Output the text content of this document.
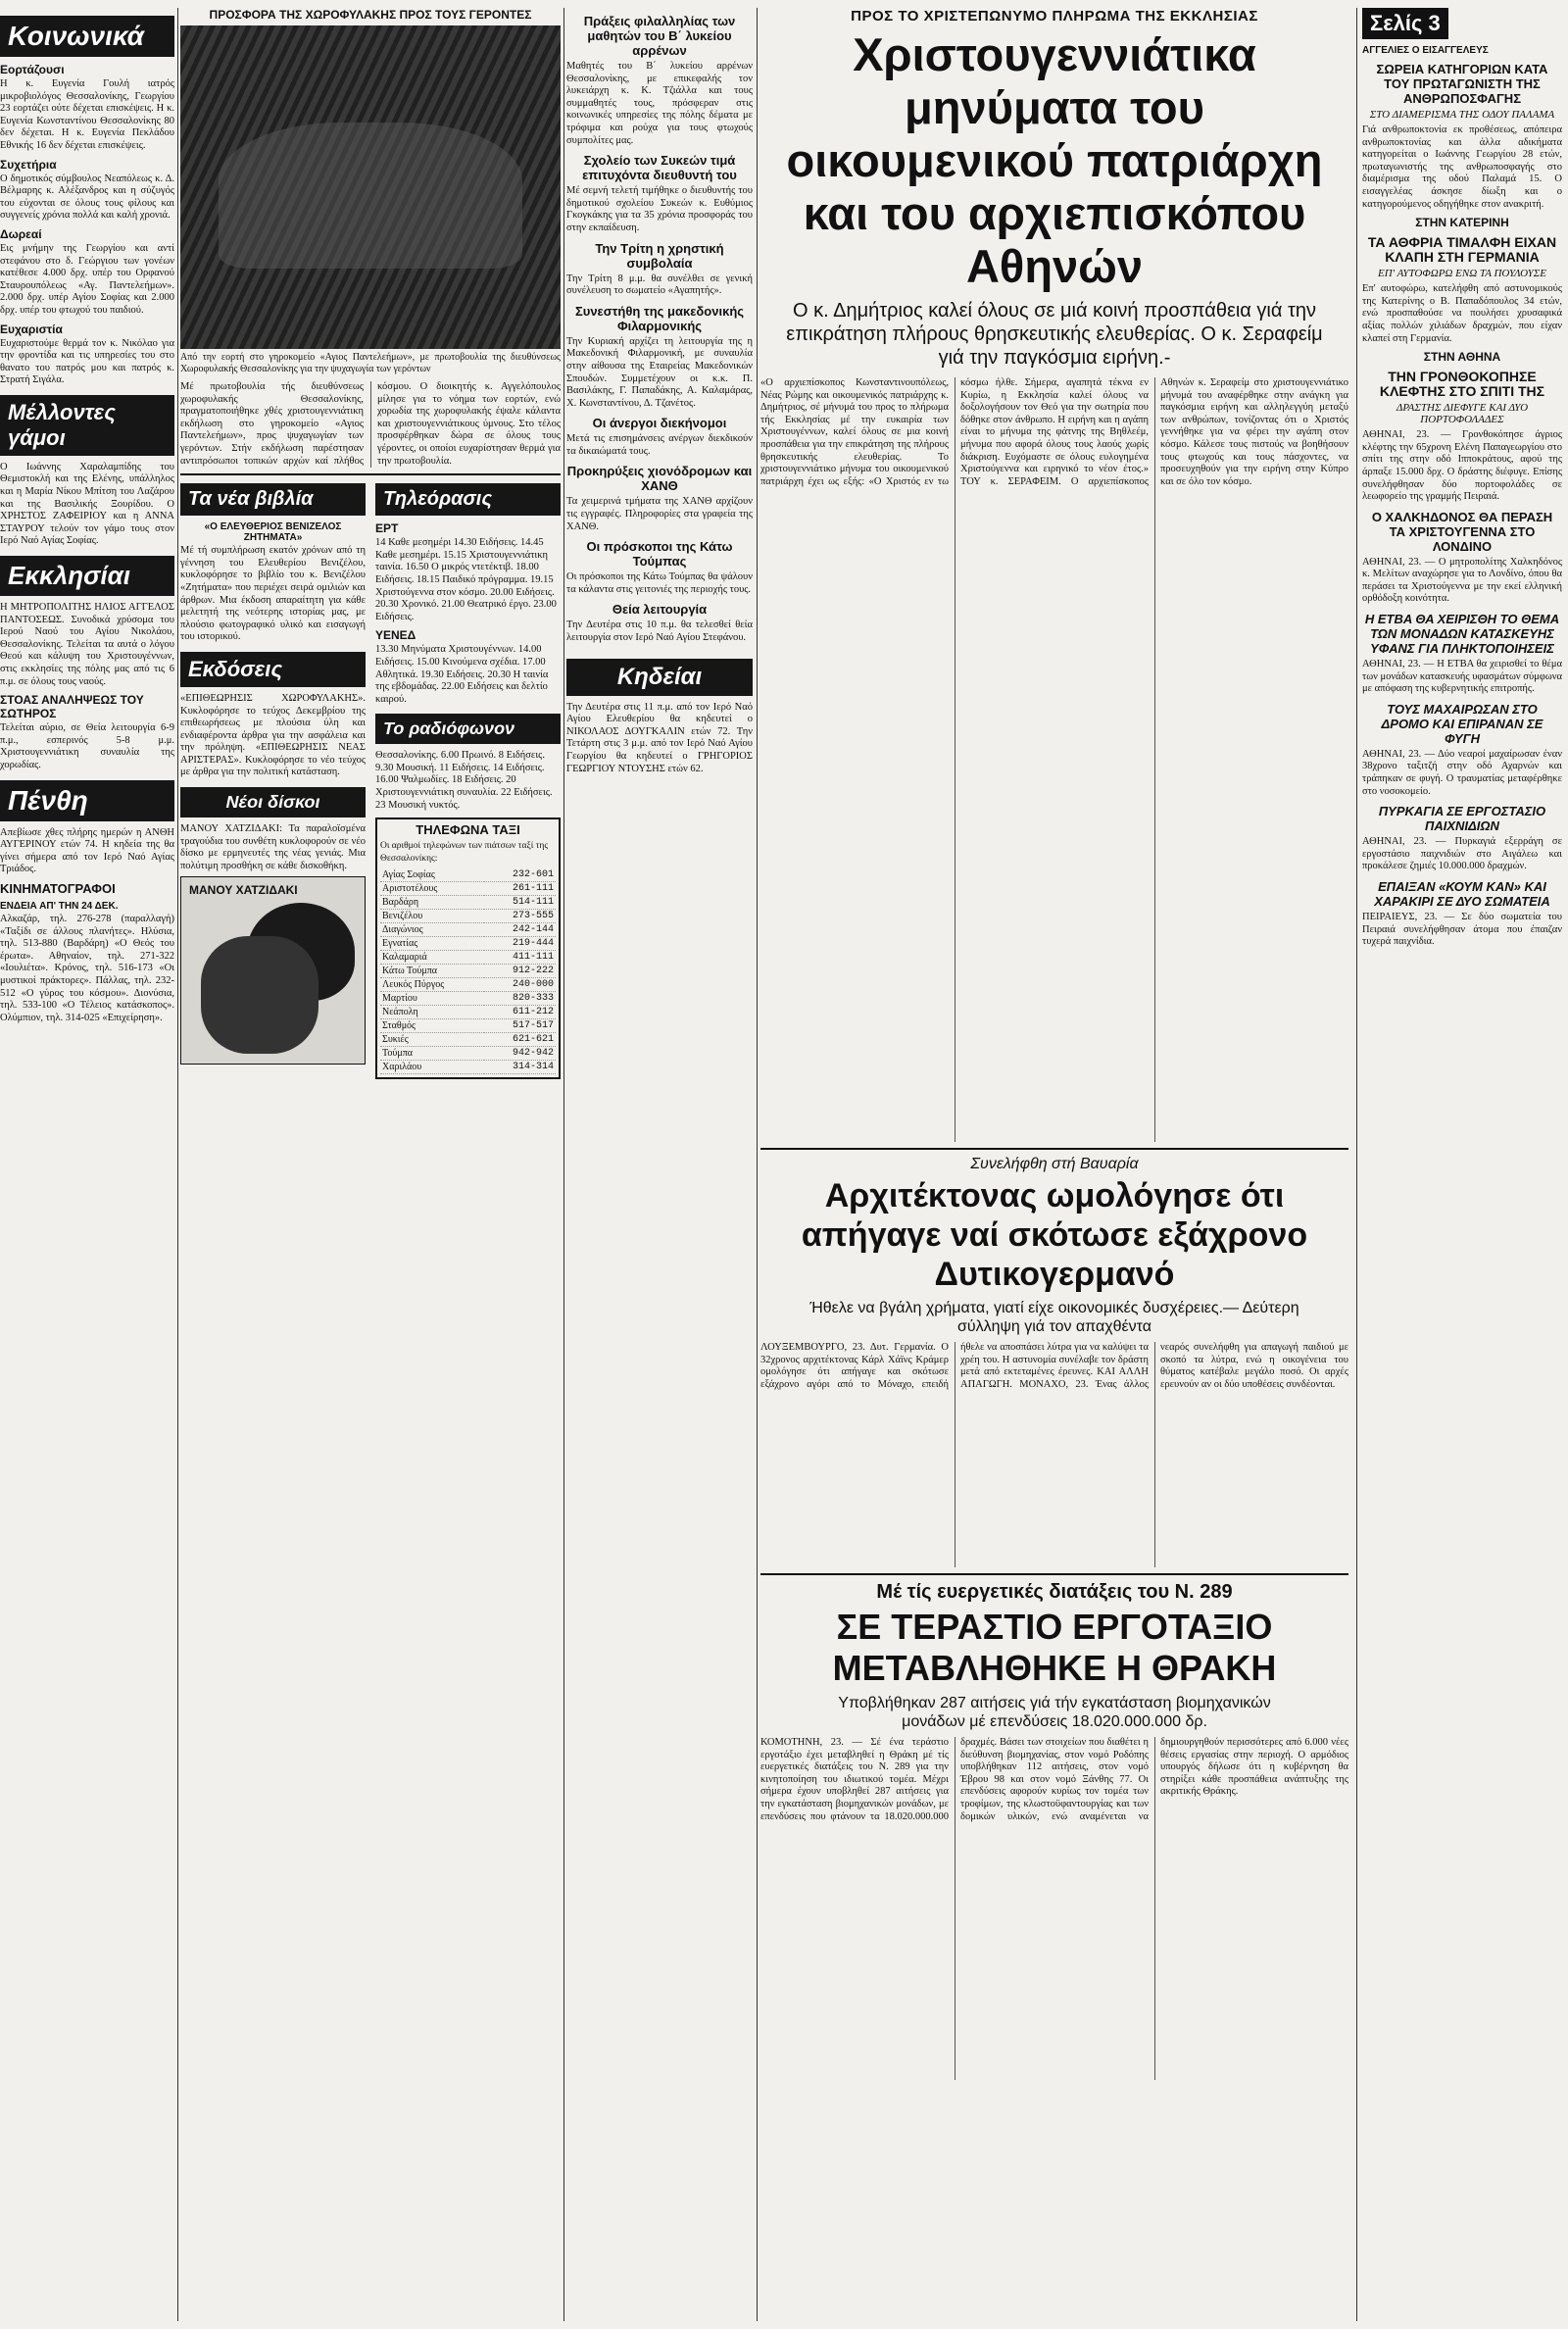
Κοινωνικά
Εορτάζουσι

Η κ. Ευγενία Γουλή ιατρός μικροβιολόγος Θεσσαλονίκης, Γεωργίου 23 εορτάζει ούτε δέχεται επισκέψεις. Η κ. Ευγενία Κωνσταντίνου Θεσσαλονίκης 80 δεν δέχεται. Η κ. Ευγενία Πεκλάδου Εθνικής 16 δεν δέχεται επισκέψεις.

Συχετήρια

Ο δημοτικός σύμβουλος Νεαπόλεως κ. Δ. Βέλμαρης κ. Αλέξανδρος και η σύζυγός του εύχονται σε όλους τους φίλους και συγγενείς χρόνια πολλά και καλή χρονιά.

Δωρεαί

Εις μνήμην της Γεωργίου και αντί στεφάνου στο δ. Γεώργιου των γονέων κατέθεσε 4.000 δρχ. υπέρ του Ορφανού Σταυρουπόλεως «Αγ. Παντελεήμων». 2.000 δρχ. υπέρ Αγίου Σοφίας και 2.000 δρχ. υπέρ του φτωχού του παιδιού.

Ευχαριστία

Ευχαριστούμε θερμά τον κ. Νικόλαο για την φροντίδα και τις υπηρεσίες του στο θανατο του πατρός μου και πατρός κ. Στρατή Σιγάλα.

Μέλλοντες γάμοι

Ο Ιωάννης Χαραλαμπίδης του Θεμιστοκλή και της Ελένης, υπάλληλος και η Μαρία Νίκου Μπίτση του Λαζάρου και της Βασιλικής Ξουρίδου. Ο ΧΡΗΣΤΟΣ ΖΑΦΕΙΡΙΟΥ και η ΑΝΝΑ ΣΤΑΥΡΟΥ τελούν τον γάμο τους στον Ιερό Ναό Αγίας Σοφίας.

Εκκλησίαι

Η ΜΗΤΡΟΠΟΛΙΤΗΣ ΗΛΙΟΣ ΑΓΓΕΛΟΣ ΠΑΝΤΟΣΕΩΣ. Συνοδικά χρύσομα του Ιερού Ναού του Αγίου Νικολάου, Θεσσαλονίκης. Τελείται τα αυτά ο λόγου Θεού και κάλυψη του Χριστουγέννων, στις εκκλησίες της πόλης μας από τις 6 π.μ. σε όλους τους ναούς.

ΣΤΟΑΣ ΑΝΑΛΗΨΕΩΣ ΤΟΥ ΣΩΤΗΡΟΣ

Τελείται αύριο, σε Θεία λειτουργία 6-9 π.μ., εσπερινός 5-8 μ.μ. Χριστουγεννιάτικη συναυλία της χορωδίας.

Πένθη

Απεβίωσε χθες πλήρης ημερών η ΑΝΘΗ ΑΥΓΕΡΙΝΟΥ ετών 74. Η κηδεία της θα γίνει σήμερα από τον Ιερό Ναό Αγίας Τριάδος.

ΚΙΝΗΜΑΤΟΓΡΑΦΟΙ
ΕΝΔΕΙΑ ΑΠ' ΤΗΝ 24 ΔΕΚ.

Αλκαζάρ, τηλ. 276-278 (παραλλαγή) «Ταξίδι σε άλλους πλανήτες». Ηλύσια, τηλ. 513-880 (Βαρδάρη) «Ο Θεός του έρωτα». Αθηναίον, τηλ. 271-322 «Ιουλιέτα». Κρόνος, τηλ. 516-173 «Οι μυστικοί πράκτορες». Πάλλας, τηλ. 232-512 «Ο γύρος του κόσμου». Διονύσια, τηλ. 533-100 «Ο Τέλειος κατάσκοπος». Ολύμπιον, τηλ. 314-025 «Επιχείρηση».

ΠΡΟΣΦΟΡΑ ΤΗΣ ΧΩΡΟΦΥΛΑΚΗΣ ΠΡΟΣ ΤΟΥΣ ΓΕΡΟΝΤΕΣ
Από την εορτή στο γηροκομείο «Αγιος Παντελεήμων», με πρωτοβουλία της διευθύνσεως Χωροφυλακής Θεσσαλονίκης για την ψυχαγωγία των γερόντων

Μέ πρωτοβουλία τής διευθύνσεως χωροφυλακής Θεσσαλονίκης, πραγματοποιήθηκε χθές χριστουγεννιάτικη εκδήλωση στο γηροκομείο «Αγιος Παντελεήμων», προς ψυχαγωγίαν των γερόντων. Στήν εκδήλωση παρέστησαν αντιπρόσωποι τοπικών αρχών καί πλήθος κόσμου. Ο διοικητής κ. Αγγελόπουλος μίλησε για το νόημα των εορτών, ενώ χορωδία της χωροφυλακής έψαλε κάλαντα και χριστουγεννιάτικους ύμνους. Στο τέλος προσφέρθηκαν δώρα σε όλους τους γέροντες, οι οποίοι ευχαρίστησαν θερμά για την πρωτοβουλία.

Τα νέα βιβλία
«Ο ΕΛΕΥΘΕΡΙΟΣ ΒΕΝΙΖΕΛΟΣ ΖΗΤΗΜΑΤΑ»

Μέ τή συμπλήρωση εκατόν χρόνων από τη γέννηση του Ελευθερίου Βενιζέλου, κυκλοφόρησε το βιβλίο του κ. Βενιζέλου «Ζητήματα» που περιέχει σειρά ομιλιών και άρθρων. Μια έκδοση απαραίτητη για κάθε μελετητή της νεότερης ιστορίας μας, με πλούσιο φωτογραφικό υλικό και εισαγωγή του ιστορικού.

Εκδόσεις

«ΕΠΙΘΕΩΡΗΣΙΣ ΧΩΡΟΦΥΛΑΚΗΣ». Κυκλοφόρησε το τεύχος Δεκεμβρίου της επιθεωρήσεως με πλούσια ύλη και ενδιαφέροντα άρθρα για την ασφάλεια και την πρόληψη. «ΕΠΙΘΕΩΡΗΣΙΣ ΝΕΑΣ ΑΡΙΣΤΕΡΑΣ». Κυκλοφόρησε το νέο τεύχος με άρθρα για την πολιτική κατάσταση.

Νέοι δίσκοι

ΜΑΝΟΥ ΧΑΤΖΙΔΑΚΙ: Τα παραλοϊσμένα τραγούδια του συνθέτη κυκλοφορούν σε νέο δίσκο με ερμηνευτές της νέας γενιάς. Μια πολύτιμη προσθήκη σε κάθε δισκοθήκη.

ΜΑΝΟΥ ΧΑΤΖΙΔΑΚΙ
Τηλεόρασις
ΕΡΤ

14 Καθε μεσημέρι 14.30 Ειδήσεις. 14.45 Καθε μεσημέρι. 15.15 Χριστουγεννιάτικη ταινία. 16.50 Ο μικρός ντετέκτιβ. 18.00 Ειδήσεις. 18.15 Παιδικό πρόγραμμα. 19.15 Χριστούγεννα στον κόσμο. 20.00 Ειδήσεις. 20.30 Χρονικό. 21.00 Θεατρικό έργο. 23.00 Ειδήσεις.

ΥΕΝΕΔ

13.30 Μηνύματα Χριστουγέννων. 14.00 Ειδήσεις. 15.00 Κινούμενα σχέδια. 17.00 Αθλητικά. 19.30 Ειδήσεις. 20.30 Η ταινία της εβδομάδας. 22.00 Ειδήσεις και δελτίο καιρού.

Το ραδιόφωνον

Θεσσαλονίκης. 6.00 Πρωινό. 8 Ειδήσεις. 9.30 Μουσική. 11 Ειδήσεις. 14 Ειδήσεις. 16.00 Ψαλμωδίες. 18 Ειδήσεις. 20 Χριστουγεννιάτικη συναυλία. 22 Ειδήσεις. 23 Μουσική νυκτός.

ΤΗΛΕΦΩΝΑ ΤΑΞΙ

Οι αριθμοί τηλεφώνων των πιάτσων ταξί της Θεσσαλονίκης:

Αγίας Σοφίας	232-601
Αριστοτέλους	261-111
Βαρδάρη	514-111
Βενιζέλου	273-555
Διαγώνιος	242-144
Εγνατίας	219-444
Καλαμαριά	411-111
Κάτω Τούμπα	912-222
Λευκός Πύργος	240-000
Μαρτίου	820-333
Νεάπολη	611-212
Σταθμός	517-517
Συκιές	621-621
Τούμπα	942-942
Χαριλάου	314-314
Πράξεις φιλαλληλίας των μαθητών του Β΄ λυκείου αρρένων

Μαθητές του Β΄ λυκείου αρρένων Θεσσαλονίκης, με επικεφαλής τον λυκειάρχη κ. Κ. Τζιάλλα και τους συμμαθητές τους, πρόσφεραν στις κοινωνικές υπηρεσίες της πόλης δέματα με τρόφιμα και ρούχα για τους φτωχούς συμπολίτες μας.

Σχολείο των Συκεών τιμά επιτυχόντα διευθυντή του

Μέ σεμνή τελετή τιμήθηκε ο διευθυντής του δημοτικού σχολείου Συκεών κ. Ευθύμιος Γκογκάκης για τα 35 χρόνια προσφοράς του στην εκπαίδευση.

Την Τρίτη η χρηστική συμβολαία

Την Τρίτη 8 μ.μ. θα συνέλθει σε γενική συνέλευση το σωματείο «Αγαπητής».

Συνεστήθη της μακεδονικής Φιλαρμονικής

Την Κυριακή αρχίζει τη λειτουργία της η Μακεδονική Φιλαρμονική, με συναυλία στην αίθουσα της Εταιρείας Μακεδονικών Σπουδών. Συμμετέχουν οι κ.κ. Π. Βασιλάκης, Γ. Παπαδάκης, Α. Καλαμάρας, Χ. Κωνσταντίνου, Δ. Τζανέτος.

Οι άνεργοι διεκήνομοι

Μετά τις επισημάνσεις ανέργων διεκδικούν τα δικαιώματά τους.

Προκηρύξεις χιονόδρομων και ΧΑΝΘ

Τα χειμερινά τμήματα της ΧΑΝΘ αρχίζουν τις εγγραφές. Πληροφορίες στα γραφεία της ΧΑΝΘ.

Οι πρόσκοποι της Κάτω Τούμπας

Οι πρόσκοποι της Κάτω Τούμπας θα ψάλουν τα κάλαντα στις γειτονιές της περιοχής τους.

Θεία λειτουργία

Την Δευτέρα στις 10 π.μ. θα τελεσθεί θεία λειτουργία στον Ιερό Ναό Αγίου Στεφάνου.

Κηδείαι

Την Δευτέρα στις 11 π.μ. από τον Ιερό Ναό Αγίου Ελευθερίου θα κηδευτεί ο ΝΙΚΟΛΑΟΣ ΔΟΥΓΚΑΛΙΝ ετών 72. Την Τετάρτη στις 3 μ.μ. από τον Ιερό Ναό Αγίου Γεωργίου θα κηδευτεί ο ΓΡΗΓΟΡΙΟΣ ΓΕΩΡΓΙΟΥ ΝΤΟΥΣΗΣ ετών 62.

ΠΡΟΣ ΤΟ ΧΡΙΣΤΕΠΩΝΥΜΟ ΠΛΗΡΩΜΑ ΤΗΣ ΕΚΚΛΗΣΙΑΣ
Χριστουγεννιάτικα μηνύματα του οικουμενικού πατριάρχη και του αρχιεπισκόπου Αθηνών
Ο κ. Δημήτριος καλεί όλους σε μιά κοινή προσπάθεια γιά την επικράτηση πλήρους θρησκευτικής ελευθερίας. Ο κ. Σεραφείμ γιά την παγκόσμια ειρήνη.-

«Ο αρχιεπίσκοπος Κωνσταντινουπόλεως, Νέας Ρώμης και οικουμενικός πατριάρχης κ. Δημήτριος, σέ μήνυμά του προς το πλήρωμα τής Εκκλησίας μέ την ευκαιρία των Χριστουγέννων, καλεί όλους σε μια κοινή προσπάθεια για την επικράτηση της πλήρους θρησκευτικής ελευθερίας. Το χριστουγεννιάτικο μήνυμα του οικουμενικού πατριάρχη έχει ως εξής: «Ο Χριστός εν τω κόσμω ήλθε. Σήμερα, αγαπητά τέκνα εν Κυρίω, η Εκκλησία καλεί όλους να δοξολογήσουν τον Θεό για την σωτηρία που δόθηκε στον άνθρωπο. Η ειρήνη και η αγάπη είναι το μήνυμα της φάτνης της Βηθλεέμ, μήνυμα που αφορά όλους τους λαούς χωρίς διάκριση. Ευχόμαστε σε όλους ευλογημένα Χριστούγεννα και ειρηνικό το νέον έτος.» ΤΟΥ κ. ΣΕΡΑΦΕΙΜ. Ο αρχιεπίσκοπος Αθηνών κ. Σεραφείμ στο χριστουγεννιάτικο μήνυμά του αναφέρθηκε στην ανάγκη για παγκόσμια ειρήνη και αλληλεγγύη μεταξύ των ανθρώπων, τονίζοντας ότι ο Χριστός γεννήθηκε για να φέρει την αγάπη στον κόσμο. Κάλεσε τους πιστούς να βοηθήσουν τους φτωχούς και τους πάσχοντες, να προσευχηθούν για την ειρήνη στην Κύπρο και σε όλο τον κόσμο.

Συνελήφθη στή Βαυαρία
Αρχιτέκτονας ωμολόγησε ότι απήγαγε ναί σκότωσε εξάχρονο Δυτικογερμανό
Ήθελε να βγάλη χρήματα, γιατί είχε οικονομικές δυσχέρειες.— Δεύτερη σύλληψη γιά τον απαχθέντα

ΛΟΥΞΕΜΒΟΥΡΓΟ, 23. Δυτ. Γερμανία. Ο 32χρονος αρχιτέκτονας Κάρλ Χάϊνς Κράμερ ομολόγησε ότι απήγαγε και σκότωσε εξάχρονο αγόρι από το Μόναχο, επειδή ήθελε να αποσπάσει λύτρα για να καλύψει τα χρέη του. Η αστυνομία συνέλαβε τον δράστη μετά από εκτεταμένες έρευνες. ΚΑΙ ΑΛΛΗ ΑΠΑΓΩΓΗ. ΜΟΝΑΧΟ, 23. Ένας άλλος νεαρός συνελήφθη για απαγωγή παιδιού με σκοπό τα λύτρα, ενώ η οικογένεια του θύματος κατέβαλε μεγάλο ποσό. Οι αρχές ερευνούν αν οι δύο υποθέσεις συνδέονται.

Μέ τίς ευεργετικές διατάξεις του Ν. 289
ΣΕ ΤΕΡΑΣΤΙΟ ΕΡΓΟΤΑΞΙΟ ΜΕΤΑΒΛΗΘΗΚΕ Η ΘΡΑΚΗ
Υποβλήθηκαν 287 αιτήσεις γιά τήν εγκατάσταση βιομηχανικών μονάδων μέ επενδύσεις 18.020.000.000 δρ.

ΚΟΜΟΤΗΝΗ, 23. — Σέ ένα τεράστιο εργοτάξιο έχει μεταβληθεί η Θράκη μέ τίς ευεργετικές διατάξεις του Ν. 289 για την κινητοποίηση του ιδιωτικού τομέα. Μέχρι σήμερα έχουν υποβληθεί 287 αιτήσεις για την εγκατάσταση βιομηχανικών μονάδων, με επενδύσεις που φτάνουν τα 18.020.000.000 δραχμές. Βάσει των στοιχείων που διαθέτει η διεύθυνση βιομηχανίας, στον νομό Ροδόπης υποβλήθηκαν 112 αιτήσεις, στον νομό Έβρου 98 και στον νομό Ξάνθης 77. Οι επενδύσεις αφορούν κυρίως τον τομέα των τροφίμων, της κλωστοϋφαντουργίας και των δομικών υλικών, ενώ αναμένεται να δημιουργηθούν περισσότερες από 6.000 νέες θέσεις εργασίας στην περιοχή. Ο αρμόδιος υπουργός δήλωσε ότι η κυβέρνηση θα στηρίξει κάθε προσπάθεια ανάπτυξης της ακριτικής Θράκης.

Σελίς 3
ΑΓΓΕΛΙΕΣ Ο ΕΙΣΑΓΓΕΛΕΥΣ
ΣΩΡΕΙΑ ΚΑΤΗΓΟΡΙΩΝ ΚΑΤΑ ΤΟΥ ΠΡΩΤΑΓΩΝΙΣΤΗ ΤΗΣ ΑΝΘΡΩΠΟΣΦΑΓΗΣ
ΣΤΟ ΔΙΑΜΕΡΙΣΜΑ ΤΗΣ ΟΔΟΥ ΠΑΛΑΜΑ

Γιά ανθρωποκτονία εκ προθέσεως, απόπειρα ανθρωποκτονίας και άλλα αδικήματα κατηγορείται ο Ιωάννης Γεωργίου 28 ετών, πρωταγωνιστής της ανθρωποσφαγής στο διαμέρισμα της οδού Παλαμά 15. Ο εισαγγελέας άσκησε δίωξη και ο κατηγορούμενος οδηγήθηκε στον ανακριτή.

ΣΤΗΝ ΚΑΤΕΡΙΝΗ
ΤΑ ΑΘΦΡΙΑ ΤΙΜΑΛΦΗ ΕΙΧΑΝ ΚΛΑΠΗ ΣΤΗ ΓΕΡΜΑΝΙΑ
ΕΠ' ΑΥΤΟΦΩΡΩ ΕΝΩ ΤΑ ΠΟΥΛΟΥΣΕ

Επ' αυτοφώρω, κατελήφθη από αστυνομικούς της Κατερίνης ο Β. Παπαδόπουλος 34 ετών, ενώ προσπαθούσε να πουλήσει χρυσαφικά αξίας πολλών χιλιάδων δραχμών, που είχαν κλαπεί στη Γερμανία.

ΣΤΗΝ ΑΘΗΝΑ
ΤΗΝ ΓΡΟΝΘΟΚΟΠΗΣΕ ΚΛΕΦΤΗΣ ΣΤΟ ΣΠΙΤΙ ΤΗΣ
ΔΡΑΣΤΗΣ ΔΙΕΦΥΓΕ ΚΑΙ ΔΥΟ ΠΟΡΤΟΦΟΛΑΔΕΣ

ΑΘΗΝΑΙ, 23. — Γρονθοκόπησε άγριος κλέφτης την 65χρονη Ελένη Παπαγεωργίου στο σπίτι της στην οδό Ιπποκράτους, αφού της άρπαξε 15.000 δρχ. Ο δράστης διέφυγε. Επίσης συνελήφθησαν δύο πορτοφολάδες σε λεωφορείο της γραμμής Πειραιά.

Ο ΧΑΛΚΗΔΟΝΟΣ ΘΑ ΠΕΡΑΣΗ ΤΑ ΧΡΙΣΤΟΥΓΕΝΝΑ ΣΤΟ ΛΟΝΔΙΝΟ

ΑΘΗΝΑΙ, 23. — Ο μητροπολίτης Χαλκηδόνος κ. Μελίτων αναχώρησε για το Λονδίνο, όπου θα περάσει τα Χριστούγεννα με την εκεί ελληνική ορθόδοξη κοινότητα.

Η ΕΤΒΑ ΘΑ ΧΕΙΡΙΣΘΗ ΤΟ ΘΕΜΑ ΤΩΝ ΜΟΝΑΔΩΝ ΚΑΤΑΣΚΕΥΗΣ ΥΦΑΝΣ ΓΙΑ ΠΛΗΚΤΟΠΟΙΗΣΕΙΣ

ΑΘΗΝΑΙ, 23. — Η ΕΤΒΑ θα χειρισθεί το θέμα των μονάδων κατασκευής υφασμάτων σύμφωνα με απόφαση της κυβερνητικής επιτροπής.

ΤΟΥΣ ΜΑΧΑΙΡΩΣΑΝ ΣΤΟ ΔΡΟΜΟ ΚΑΙ ΕΠΙΡΑΝΑΝ ΣΕ ΦΥΓΗ

ΑΘΗΝΑΙ, 23. — Δύο νεαροί μαχαίρωσαν έναν 38χρονο ταξιτζή στην οδό Αχαρνών και τράπηκαν σε φυγή. Ο τραυματίας μεταφέρθηκε στο νοσοκομείο.

ΠΥΡΚΑΓΙΑ ΣΕ ΕΡΓΟΣΤΑΣΙΟ ΠΑΙΧΝΙΔΙΩΝ

ΑΘΗΝΑΙ, 23. — Πυρκαγιά εξερράγη σε εργοστάσιο παιχνιδιών στο Αιγάλεω και προκάλεσε ζημιές 10.000.000 δραχμών.

ΕΠΑΙΞΑΝ «ΚΟΥΜ ΚΑΝ» ΚΑΙ ΧΑΡΑΚΙΡΙ ΣΕ ΔΥΟ ΣΩΜΑΤΕΙΑ

ΠΕΙΡΑΙΕΥΣ, 23. — Σε δύο σωματεία του Πειραιά συνελήφθησαν άτομα που έπαιζαν τυχερά παιχνίδια.
